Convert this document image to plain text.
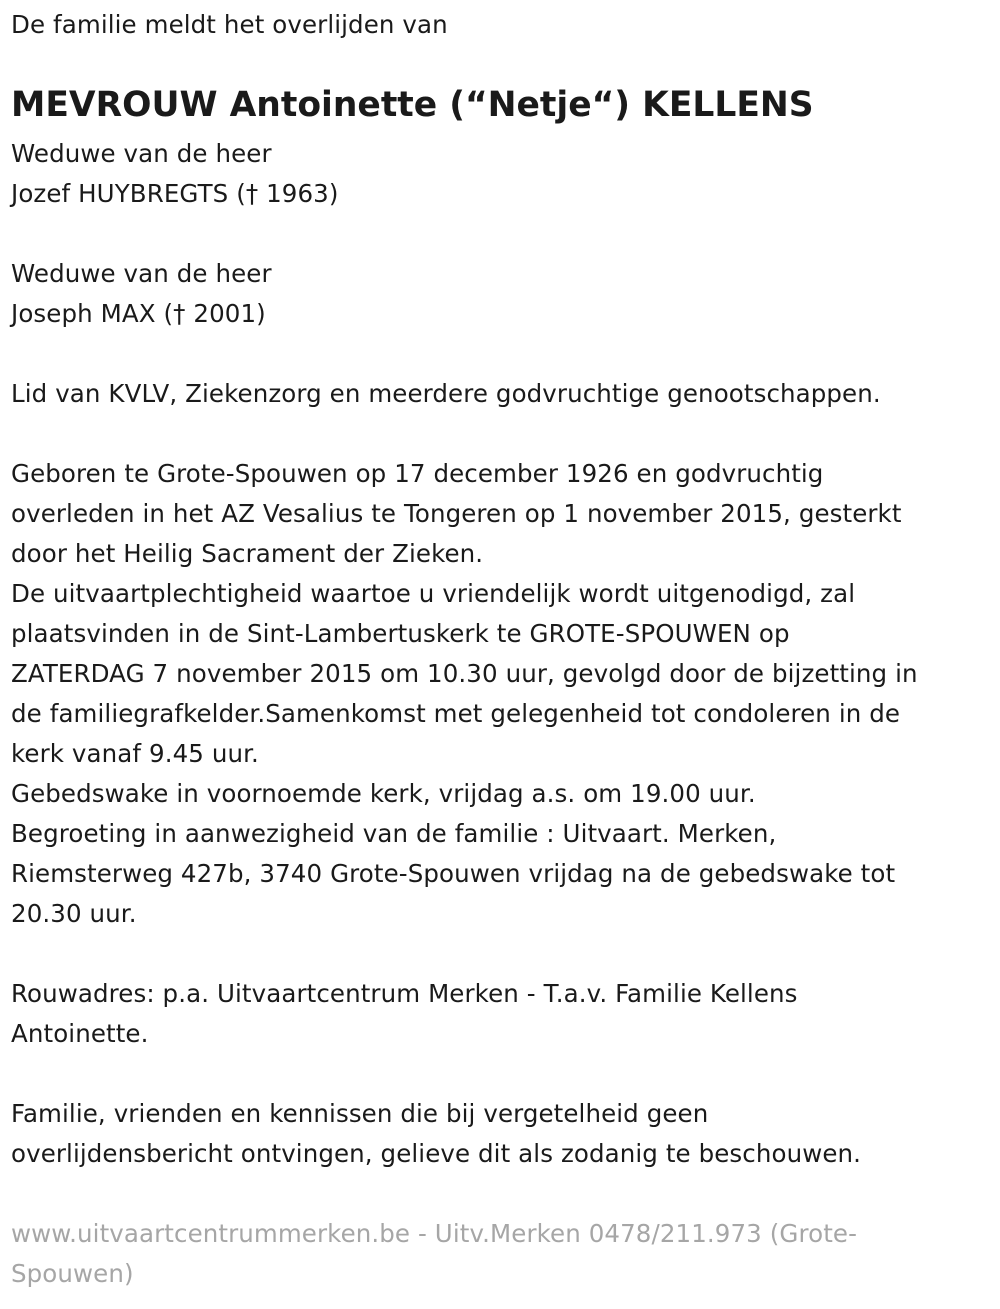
De familie meldt het overlijden van
MEVROUW Antoinette (“Netje“) KELLENS
Weduwe van de heer
Jozef HUYBREGTS († 1963)
Weduwe van de heer
Joseph MAX († 2001)
Lid van KVLV, Ziekenzorg en meerdere godvruchtige genootschappen.
Geboren te Grote-Spouwen op 17 december 1926 en godvruchtig
overleden in het AZ Vesalius te Tongeren op 1 november 2015, gesterkt
door het Heilig Sacrament der Zieken.
De uitvaartplechtigheid waartoe u vriendelijk wordt uitgenodigd, zal
plaatsvinden in de Sint-Lambertuskerk te GROTE-SPOUWEN op
ZATERDAG 7 november 2015 om 10.30 uur, gevolgd door de bijzetting in
de familiegrafkelder.Samenkomst met gelegenheid tot condoleren in de
kerk vanaf 9.45 uur.
Gebedswake in voornoemde kerk, vrijdag a.s. om 19.00 uur.
Begroeting in aanwezigheid van de familie : Uitvaart. Merken,
Riemsterweg 427b, 3740 Grote-Spouwen vrijdag na de gebedswake tot
20.30 uur.
Rouwadres: p.a. Uitvaartcentrum Merken - T.a.v. Familie Kellens
Antoinette.
Familie, vrienden en kennissen die bij vergetelheid geen
overlijdensbericht ontvingen, gelieve dit als zodanig te beschouwen.
www.uitvaartcentrummerken.be - Uitv.Merken 0478/211.973 (Grote-
Spouwen)
